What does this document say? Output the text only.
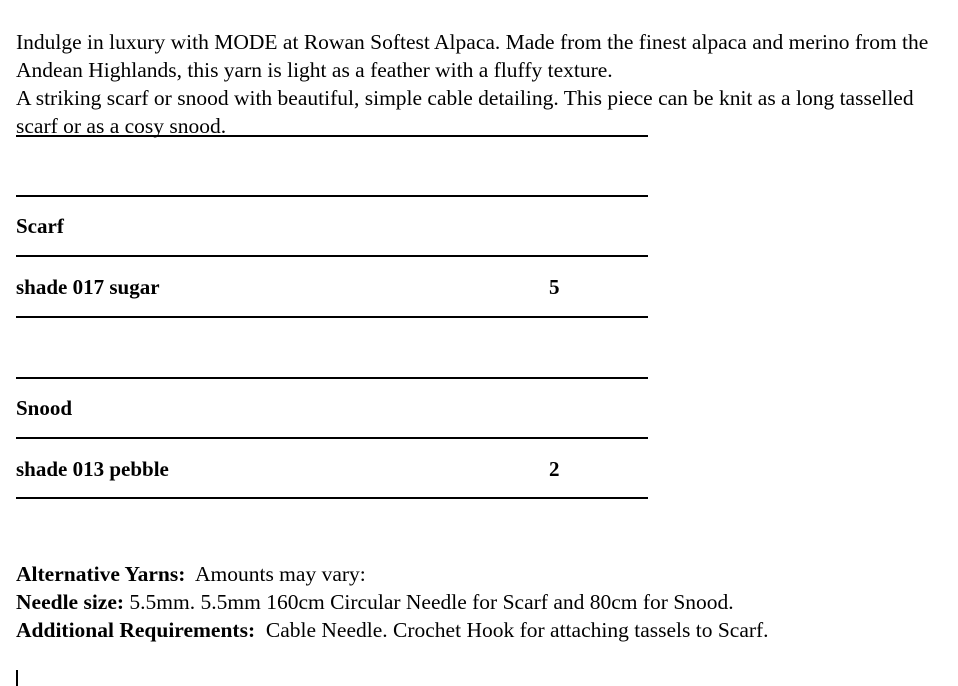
Indulge in luxury with MODE at Rowan Softest Alpaca. Made from the finest alpaca and merino from the Andean Highlands, this yarn is light as a feather with a fluffy texture.

A striking scarf or snood with beautiful, simple cable detailing. This piece can be knit as a long tasselled scarf or as a cosy snood.

Scarf
shade 017 sugar	5
Snood
shade 013 pebble	2

Alternative Yarns: Amounts may vary:

Needle size: 5.5mm. 5.5mm 160cm Circular Needle for Scarf and 80cm for Snood.

Additional Requirements: Cable Needle. Crochet Hook for attaching tassels to Scarf.
